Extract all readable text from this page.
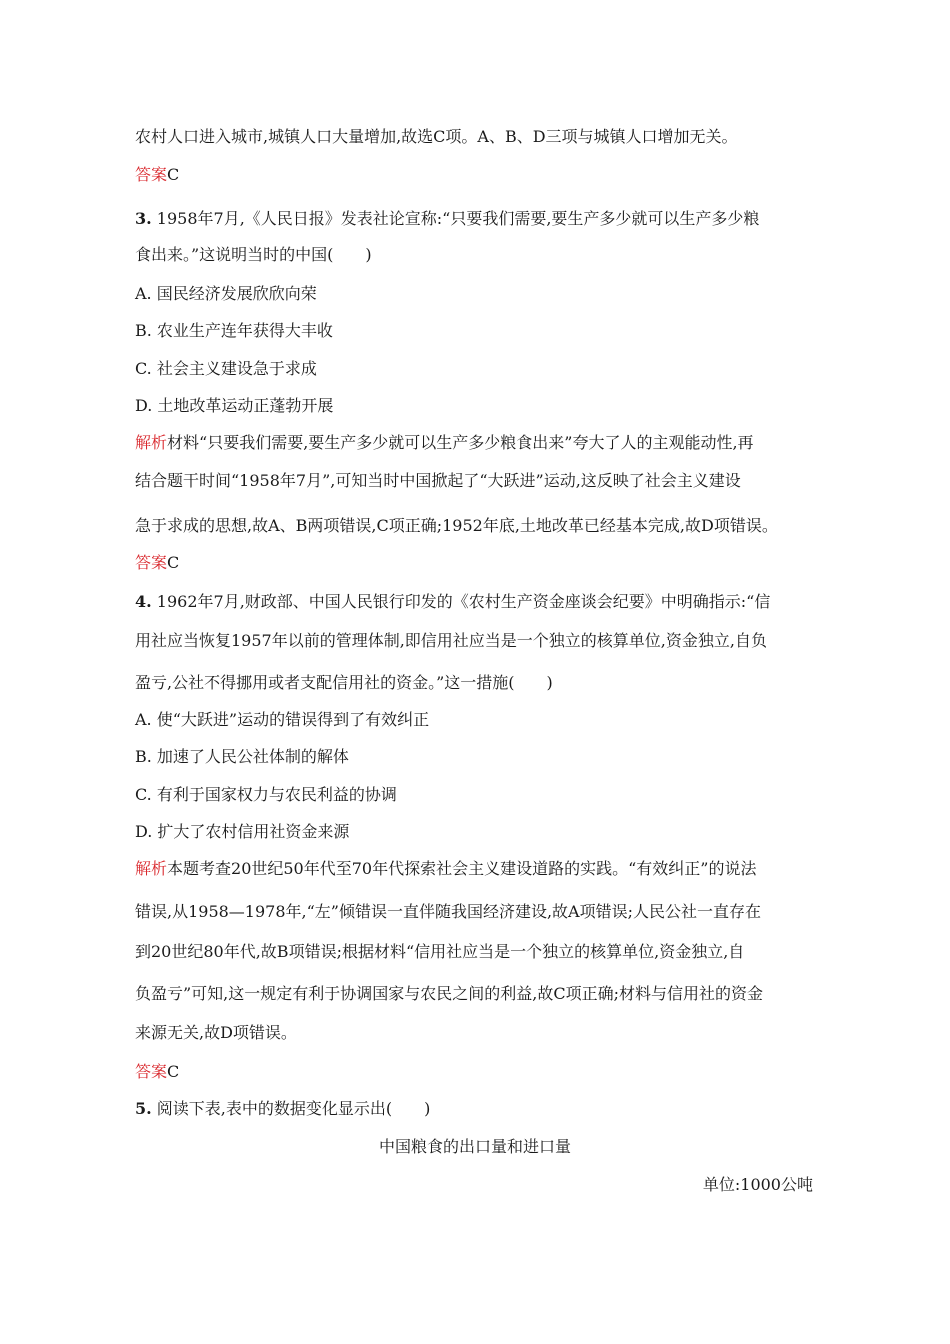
农村人口进入城市,城镇人口大量增加,故选C项。A、B、D三项与城镇人口增加无关。
答案C
3. 1958年7月,《人民日报》发表社论宣称:“只要我们需要,要生产多少就可以生产多少粮
食出来。”这说明当时的中国(　　)
A. 国民经济发展欣欣向荣
B. 农业生产连年获得大丰收
C. 社会主义建设急于求成
D. 土地改革运动正蓬勃开展
解析材料“只要我们需要,要生产多少就可以生产多少粮食出来”夸大了人的主观能动性,再
结合题干时间“1958年7月”,可知当时中国掀起了“大跃进”运动,这反映了社会主义建设
急于求成的思想,故A、B两项错误,C项正确;1952年底,土地改革已经基本完成,故D项错误。
答案C
4. 1962年7月,财政部、中国人民银行印发的《农村生产资金座谈会纪要》中明确指示:“信
用社应当恢复1957年以前的管理体制,即信用社应当是一个独立的核算单位,资金独立,自负
盈亏,公社不得挪用或者支配信用社的资金。”这一措施(　　)
A. 使“大跃进”运动的错误得到了有效纠正
B. 加速了人民公社体制的解体
C. 有利于国家权力与农民利益的协调
D. 扩大了农村信用社资金来源
解析本题考查20世纪50年代至70年代探索社会主义建设道路的实践。“有效纠正”的说法
错误,从1958—1978年,“左”倾错误一直伴随我国经济建设,故A项错误;人民公社一直存在
到20世纪80年代,故B项错误;根据材料“信用社应当是一个独立的核算单位,资金独立,自
负盈亏”可知,这一规定有利于协调国家与农民之间的利益,故C项正确;材料与信用社的资金
来源无关,故D项错误。
答案C
5. 阅读下表,表中的数据变化显示出(　　)
中国粮食的出口量和进口量
单位:1000公吨
